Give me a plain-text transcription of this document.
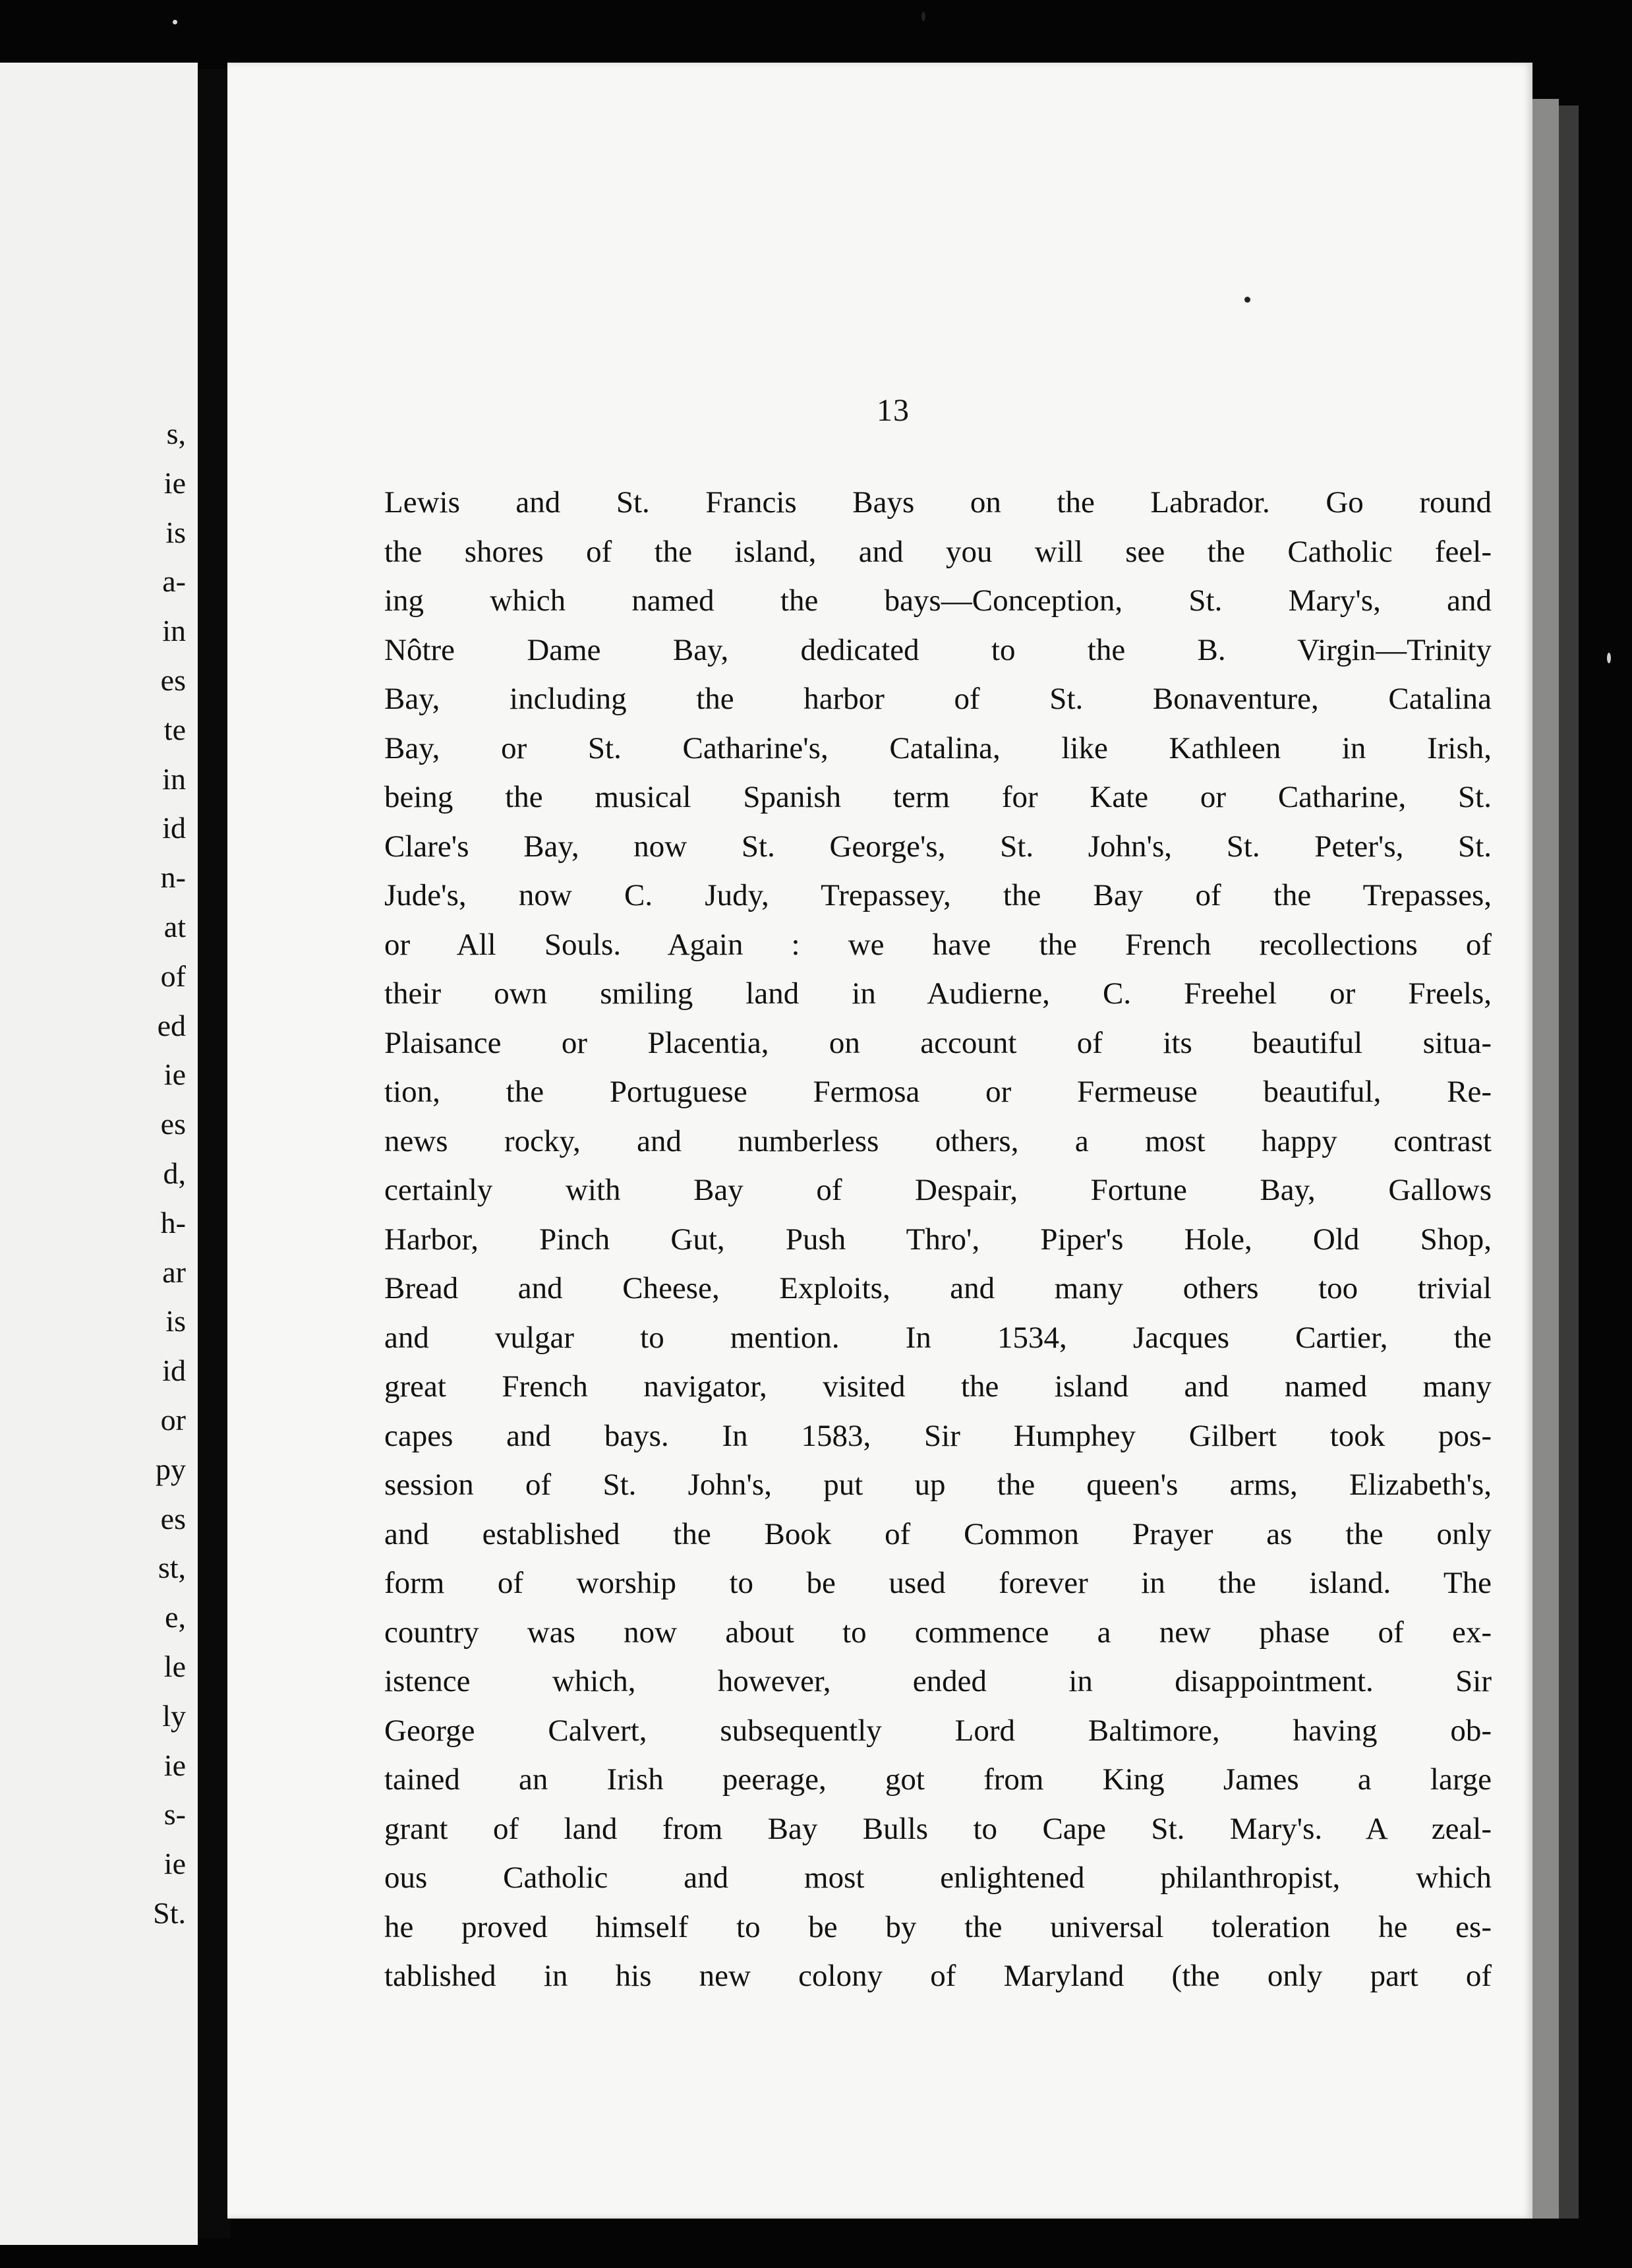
s,
ie
is
a-
in
es
te
in
id
n-
at
of
ed
ie
es
d,
h-
ar
is
id
or
py
es
st,
e,
le
ly
ie
s-
ie
St.
13
Lewis and St. Francis Bays on the Labrador. Go round
the shores of the island, and you will see the Catholic feel-
ing which named the bays—Conception, St. Mary's, and
Nôtre Dame Bay, dedicated to the B. Virgin—Trinity
Bay, including the harbor of St. Bonaventure, Catalina
Bay, or St. Catharine's, Catalina, like Kathleen in Irish,
being the musical Spanish term for Kate or Catharine, St.
Clare's Bay, now St. George's, St. John's, St. Peter's, St.
Jude's, now C. Judy, Trepassey, the Bay of the Trepasses,
or All Souls. Again : we have the French recollections of
their own smiling land in Audierne, C. Freehel or Freels,
Plaisance or Placentia, on account of its beautiful situa-
tion, the Portuguese Fermosa or Fermeuse beautiful, Re-
news rocky, and numberless others, a most happy contrast
certainly with Bay of Despair, Fortune Bay, Gallows
Harbor, Pinch Gut, Push Thro', Piper's Hole, Old Shop,
Bread and Cheese, Exploits, and many others too trivial
and vulgar to mention. In 1534, Jacques Cartier, the
great French navigator, visited the island and named many
capes and bays. In 1583, Sir Humphey Gilbert took pos-
session of St. John's, put up the queen's arms, Elizabeth's,
and established the Book of Common Prayer as the only
form of worship to be used forever in the island. The
country was now about to commence a new phase of ex-
istence which, however, ended in disappointment. Sir
George Calvert, subsequently Lord Baltimore, having ob-
tained an Irish peerage, got from King James a large
grant of land from Bay Bulls to Cape St. Mary's. A zeal-
ous Catholic and most enlightened philanthropist, which
he proved himself to be by the universal toleration he es-
tablished in his new colony of Maryland (the only part of
